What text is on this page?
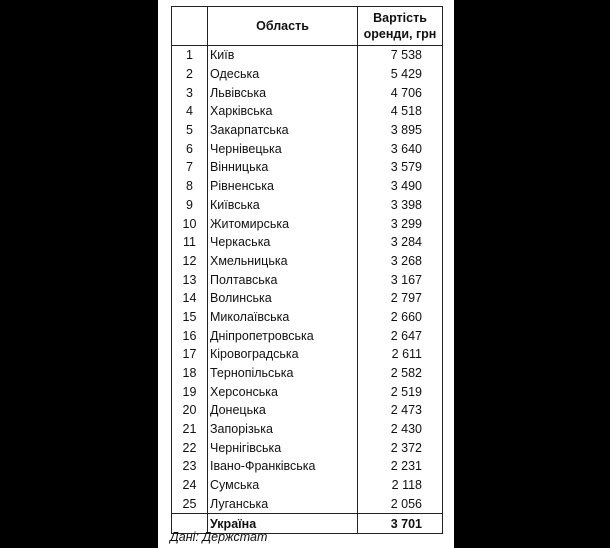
	Область	Вартість
оренди, грн

1	Київ	7 538
2	Одеська	5 429
3	Львівська	4 706
4	Харківська	4 518
5	Закарпатська	3 895
6	Чернівецька	3 640
7	Вінницька	3 579
8	Рівненська	3 490
9	Київська	3 398
10	Житомирська	3 299
11	Черкаська	3 284
12	Хмельницька	3 268
13	Полтавська	3 167
14	Волинська	2 797
15	Миколаївська	2 660
16	Дніпропетровська	2 647
17	Кіровоградська	2 611
18	Тернопільська	2 582
19	Херсонська	2 519
20	Донецька	2 473
21	Запорізька	2 430
22	Чернігівська	2 372
23	Івано-Франківська	2 231
24	Сумська	2 118
25	Луганська	2 056
	Україна	3 701
Дані: Держстат
